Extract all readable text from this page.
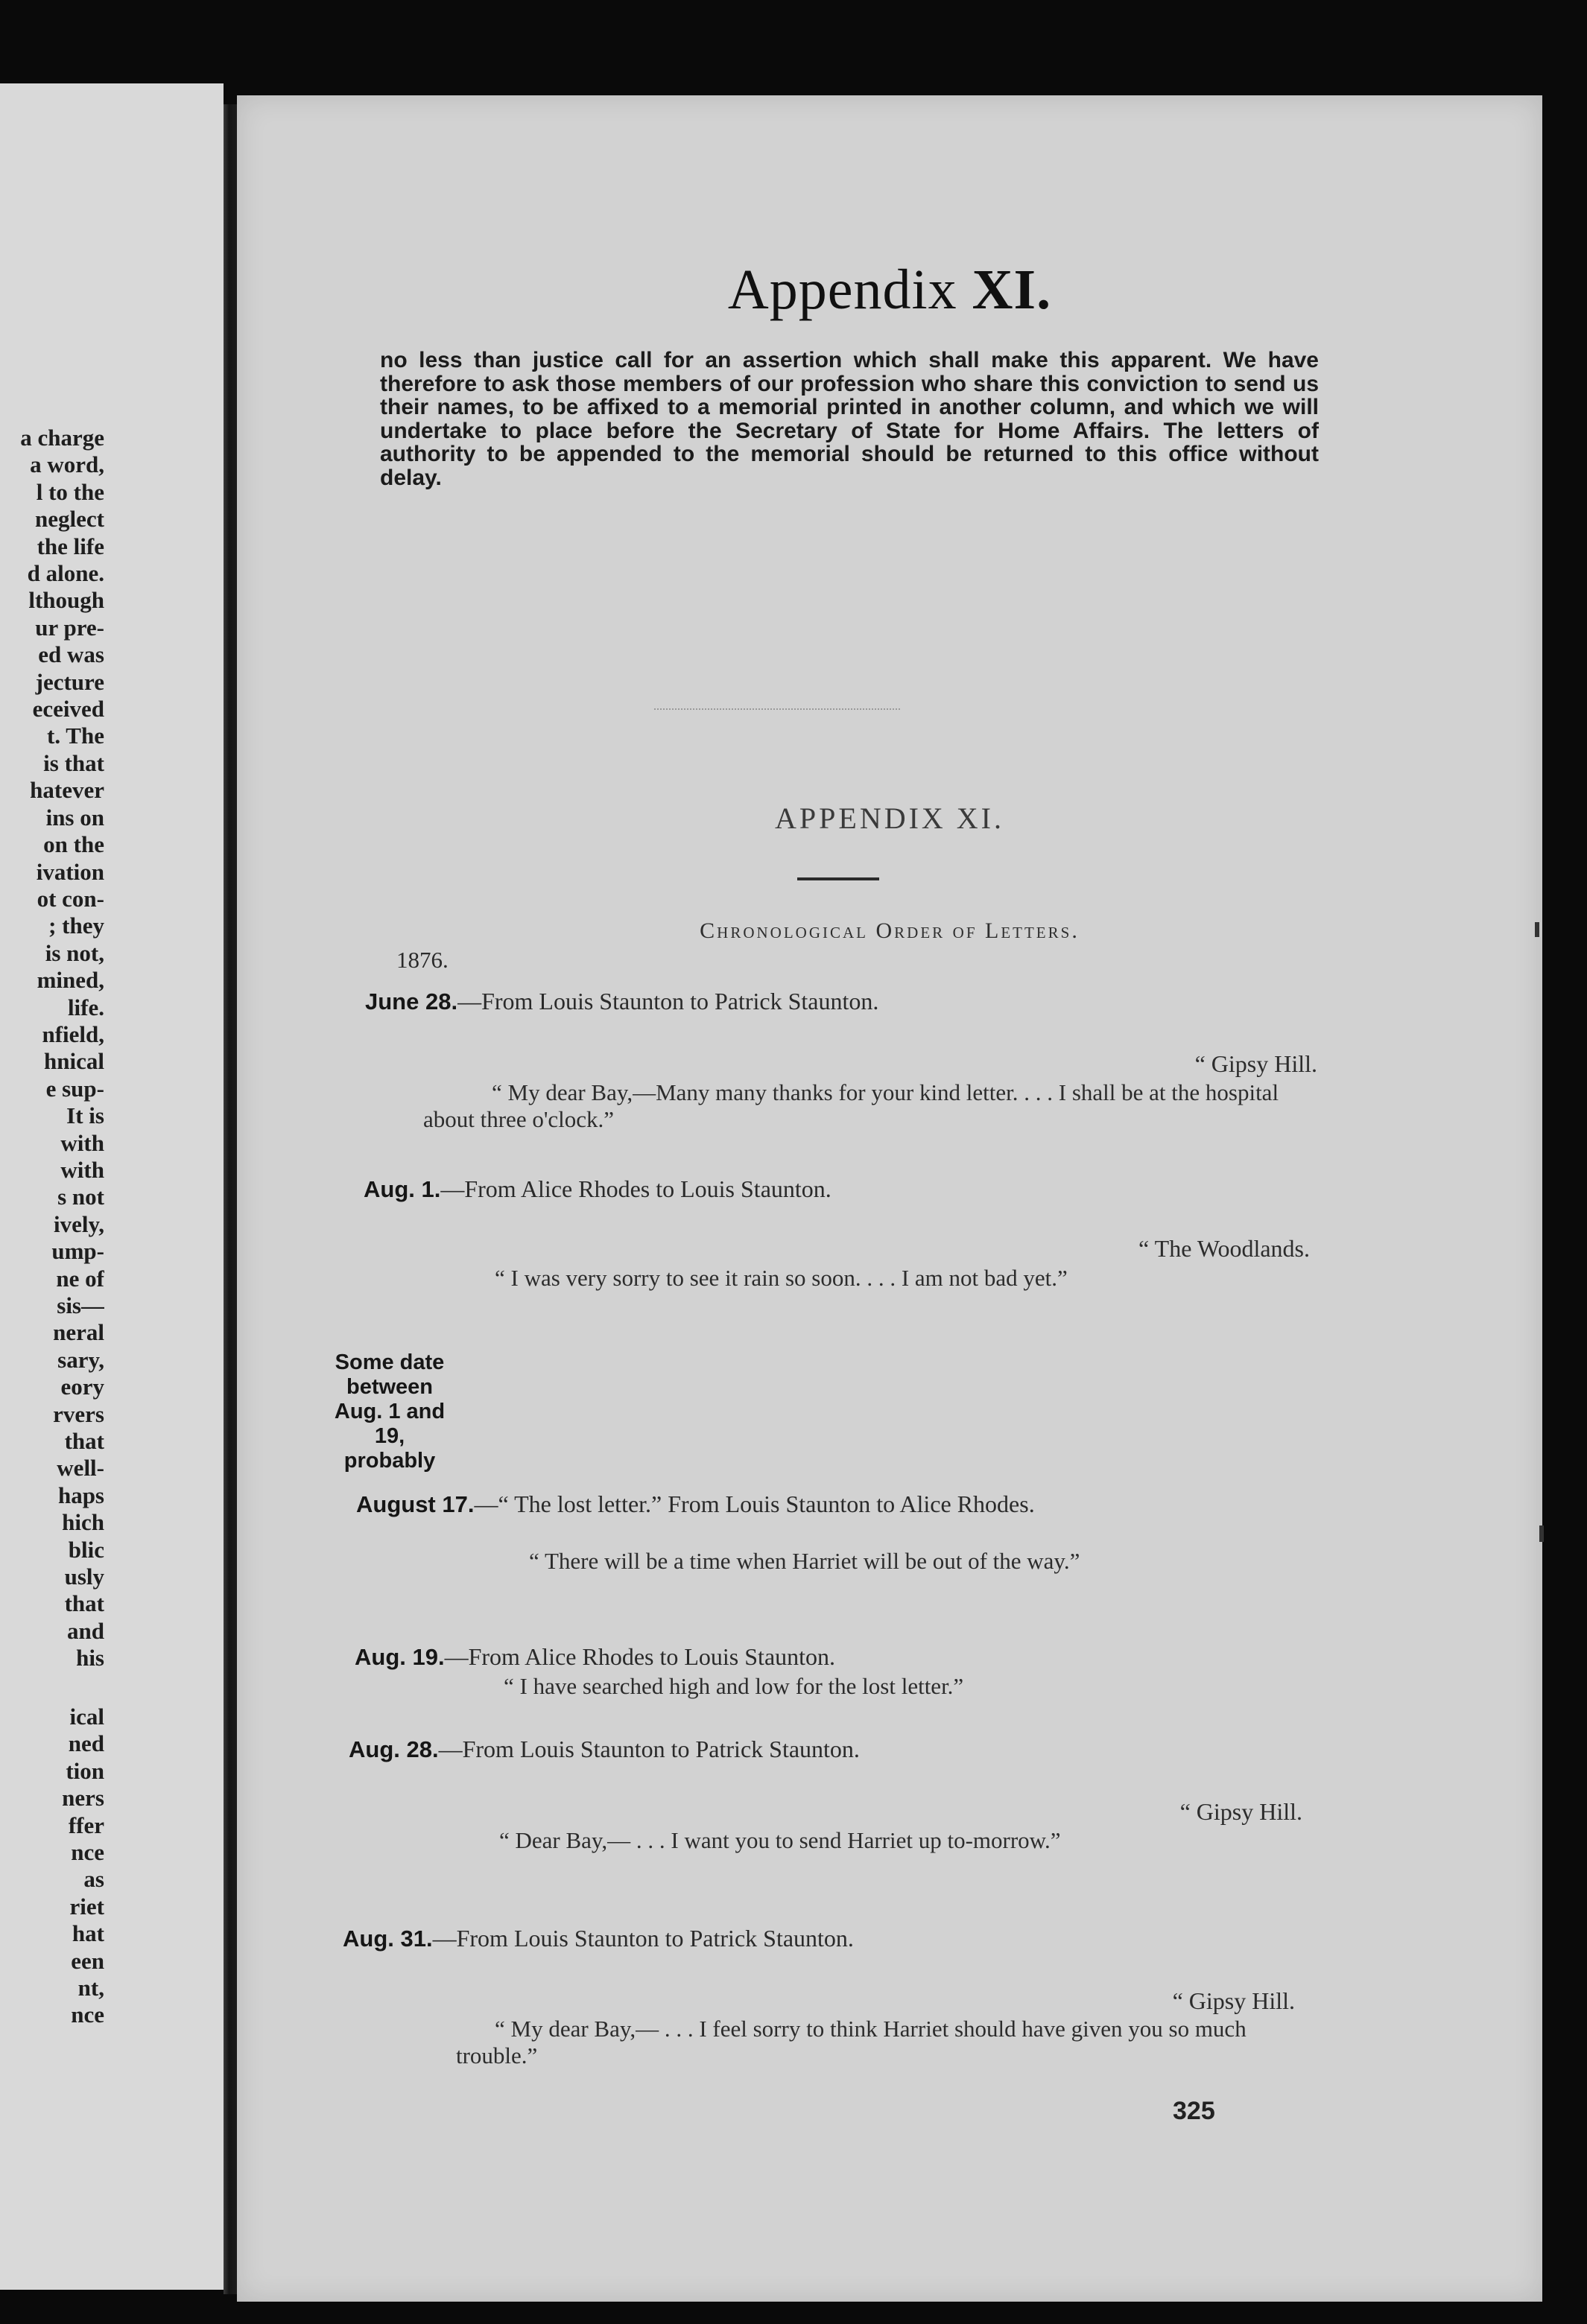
a charge
a word,
l to the
neglect
the life
d alone.
lthough
ur pre-
ed was
jecture
eceived
t. The
is that
hatever
ins on
on the
ivation
ot con-
; they
is not,
mined,
life.
nfield,
hnical
e sup-
It is
with
with
s not
ively,
ump-
ne of
sis—
neral
sary,
eory
rvers
that
well-
haps
hich
blic
usly
that
and
his
ical
ned
tion
ners
ffer
nce
as
riet
hat
een
nt,
nce
Appendix XI.
no less than justice call for an assertion which shall make this apparent. We have therefore to ask those members of our profession who share this conviction to send us their names, to be affixed to a memorial printed in another column, and which we will undertake to place before the Secretary of State for Home Affairs. The letters of authority to be appended to the memorial should be returned to this office without delay.
APPENDIX XI.
Chronological Order of Letters.
1876.
June 28.—From Louis Staunton to Patrick Staunton.
“ Gipsy Hill.
“ My dear Bay,—Many many thanks for your kind letter. . . . I shall be at the hospital about three o'clock.”
Aug. 1.—From Alice Rhodes to Louis Staunton.
“ The Woodlands.
“ I was very sorry to see it rain so soon. . . . I am not bad yet.”
Some date between Aug. 1 and 19, probably
August 17.—“ The lost letter.” From Louis Staunton to Alice Rhodes.
“ There will be a time when Harriet will be out of the way.”
Aug. 19.—From Alice Rhodes to Louis Staunton.
“ I have searched high and low for the lost letter.”
Aug. 28.—From Louis Staunton to Patrick Staunton.
“ Gipsy Hill.
“ Dear Bay,— . . . I want you to send Harriet up to-morrow.”
Aug. 31.—From Louis Staunton to Patrick Staunton.
“ Gipsy Hill.
“ My dear Bay,— . . . I feel sorry to think Harriet should have given you so much trouble.”
325
